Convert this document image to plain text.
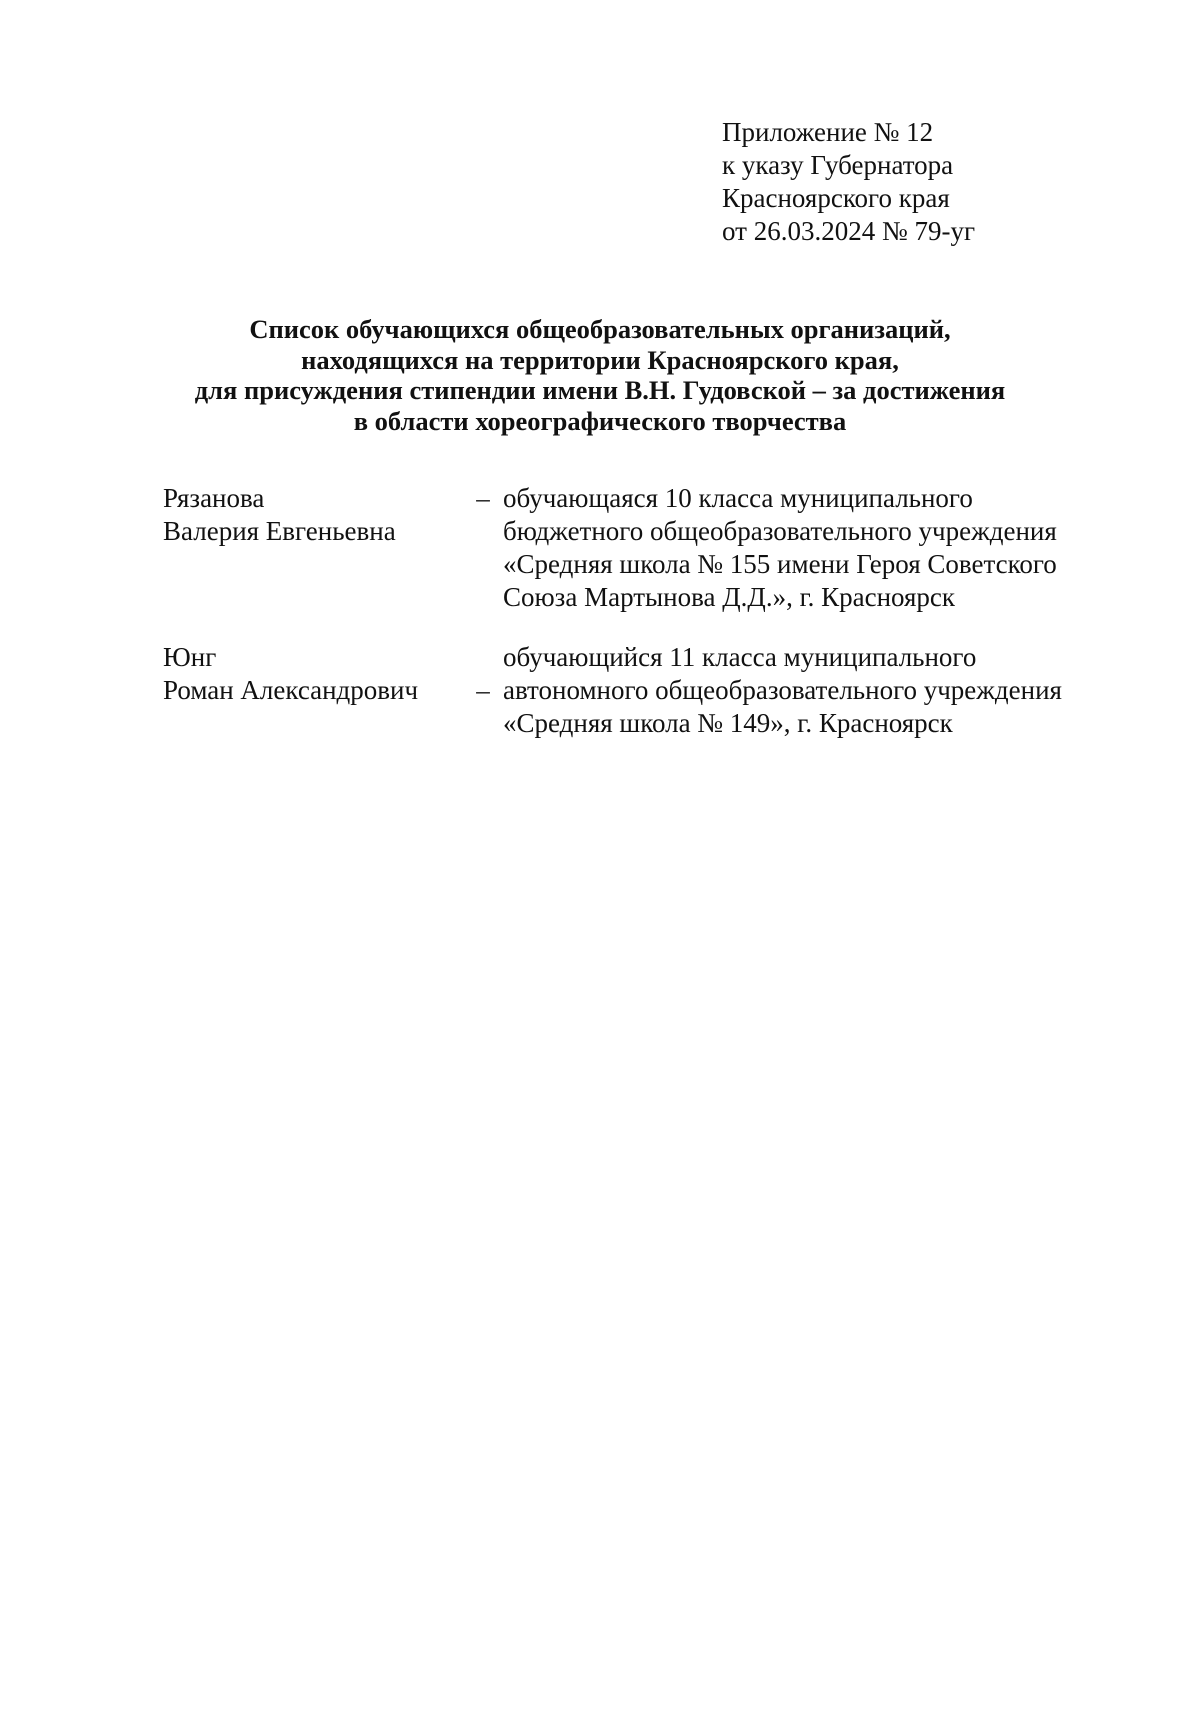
Приложение № 12
к указу Губернатора
Красноярского края
от 26.03.2024 № 79-уг
Список обучающихся общеобразовательных организаций,
находящихся на территории Красноярского края,
для присуждения стипендии имени В.Н. Гудовской – за достижения
в области хореографического творчества
Рязанова
Валерия Евгеньевна
– обучающаяся 10 класса муниципального
бюджетного общеобразовательного учреждения
«Средняя школа № 155 имени Героя Советского
Союза Мартынова Д.Д.», г. Красноярск
Юнг
Роман Александрович	–
обучающийся 11 класса муниципального
автономного общеобразовательного учреждения
«Средняя школа № 149», г. Красноярск
